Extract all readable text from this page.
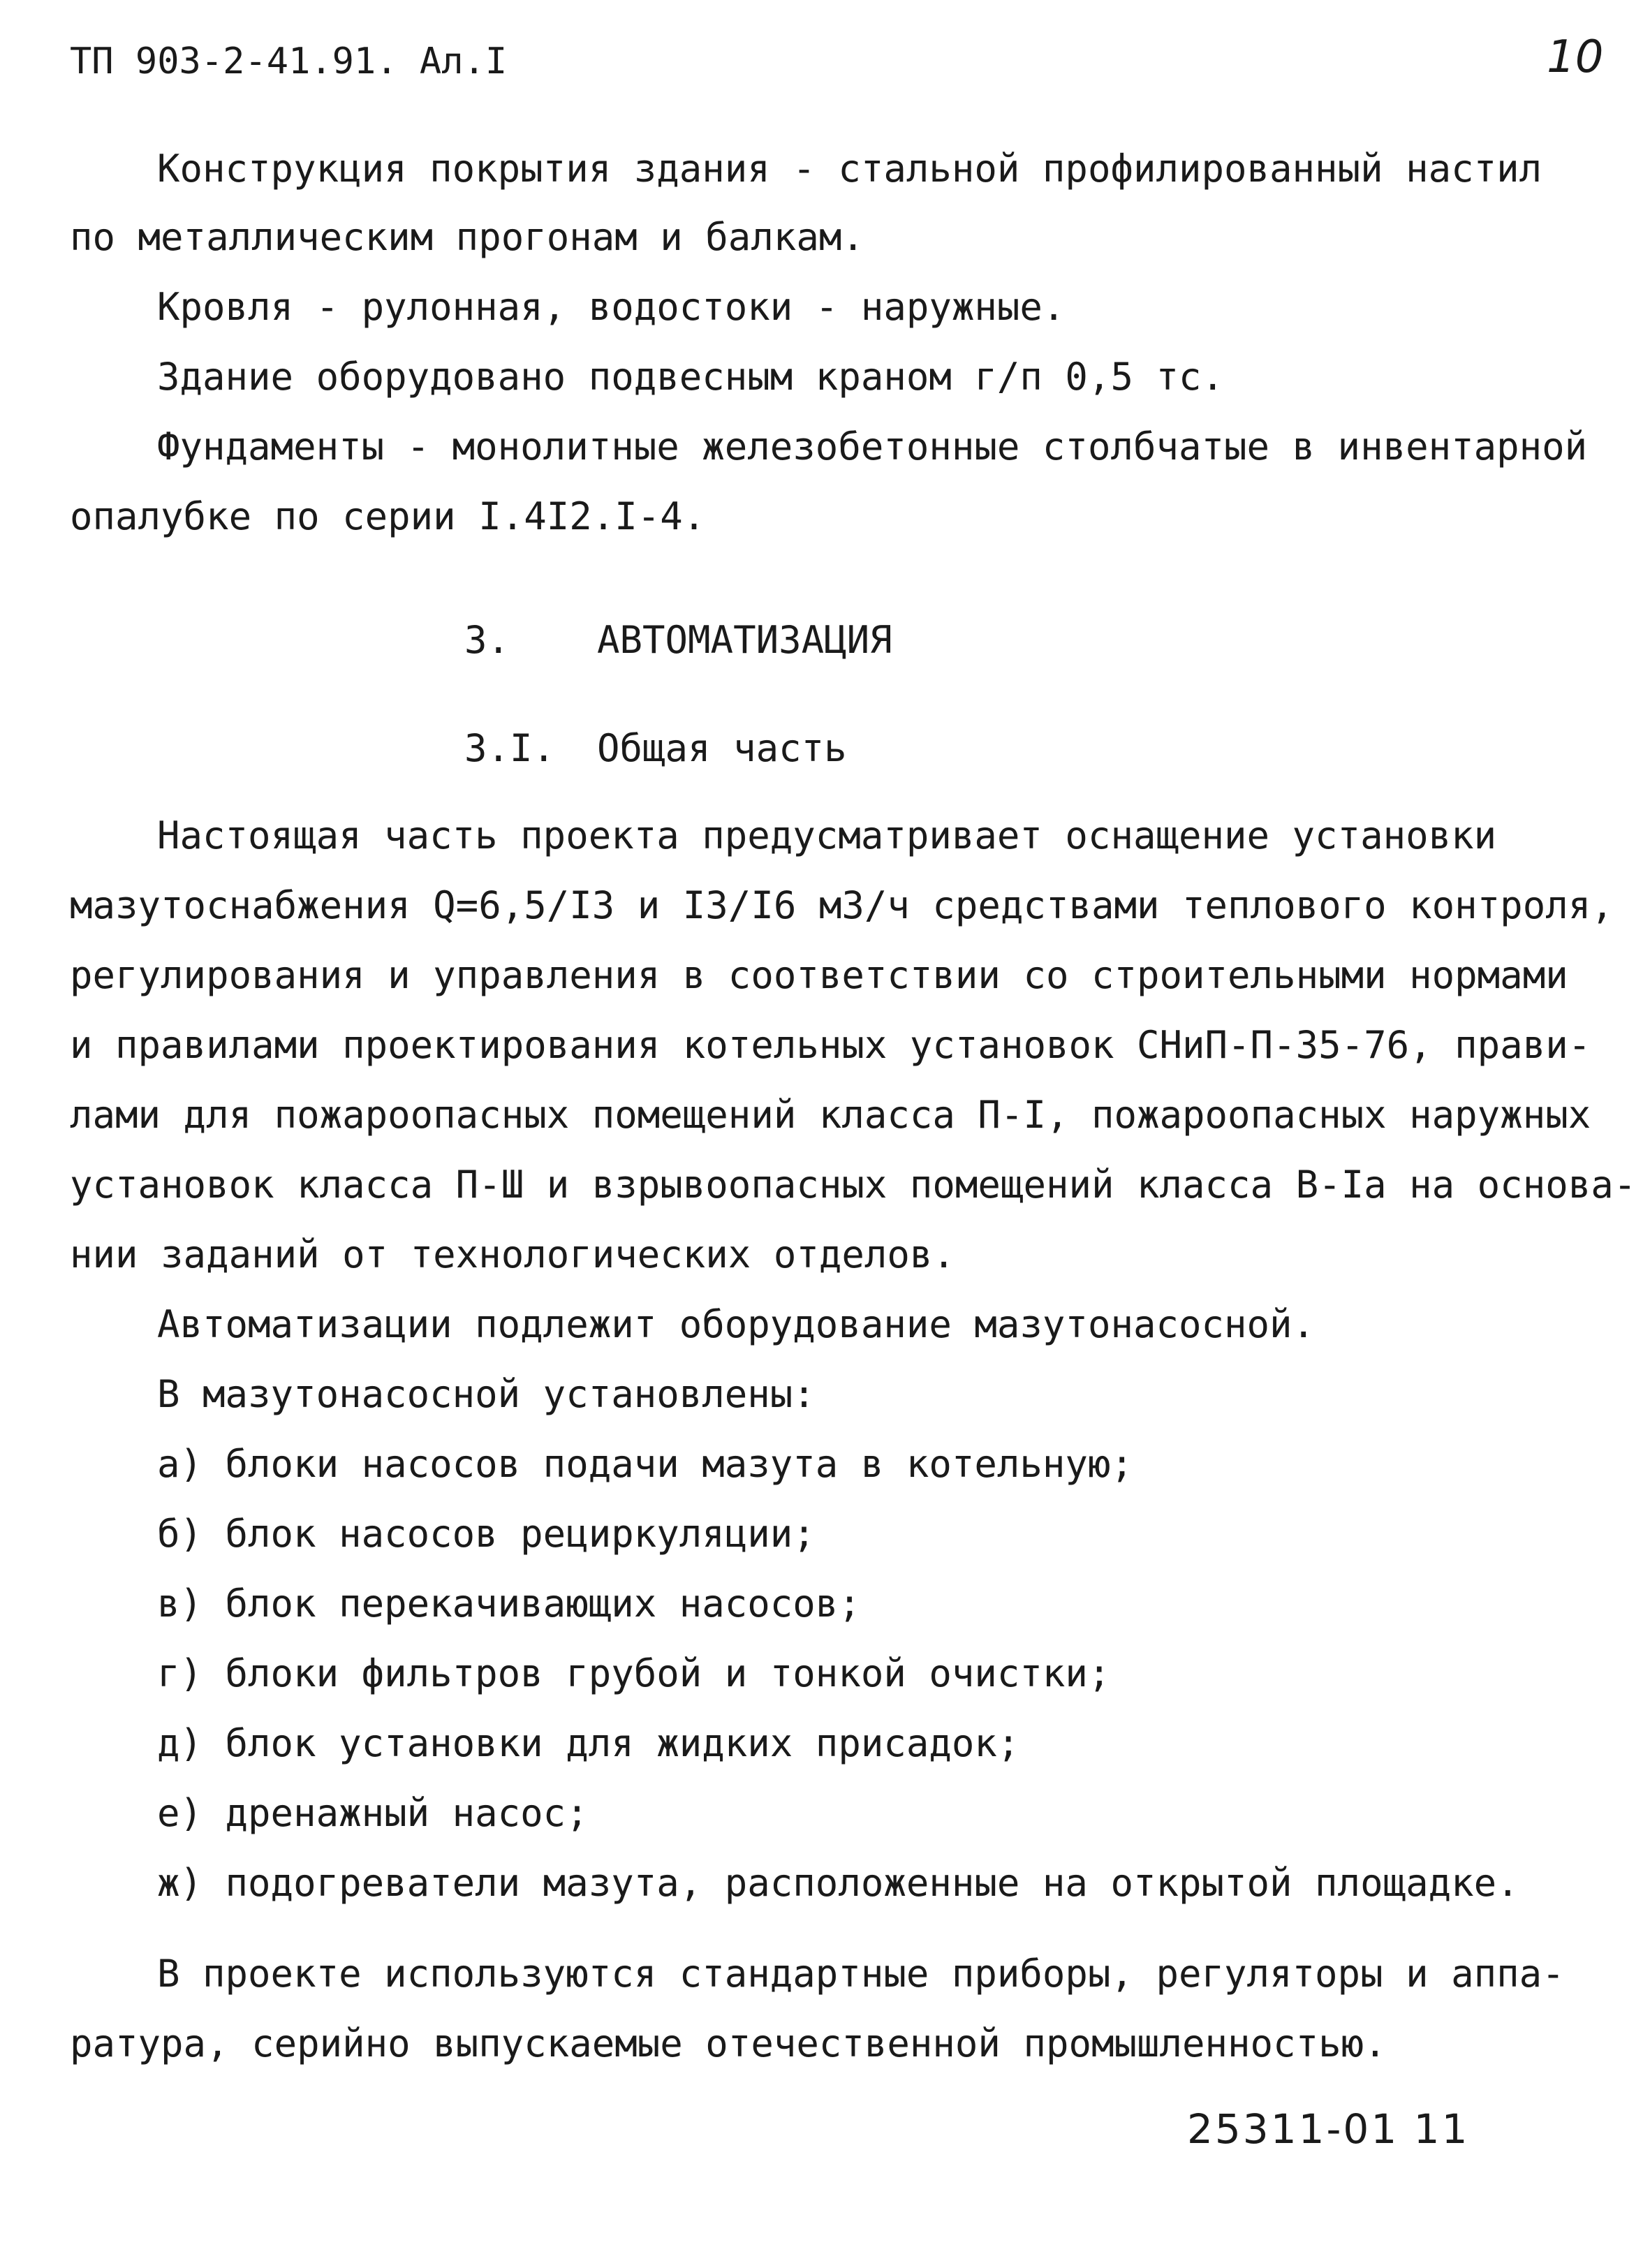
ТП 903-2-41.91. Ал.I	10
Конструкция покрытия здания - стальной профилированный настил
по металлическим прогонам и балкам.
Кровля - рулонная, водостоки - наружные.
Здание оборудовано подвесным краном г/п 0,5 тс.
Фундаменты - монолитные железобетонные столбчатые в инвентарной
опалубке по серии I.4I2.I-4.
3. АВТОМАТИЗАЦИЯ
3.I. Общая часть
Настоящая часть проекта предусматривает оснащение установки
мазутоснабжения Q=6,5/I3 и I3/I6 м3/ч средствами теплового контроля,
регулирования и управления в соответствии со строительными нормами
и правилами проектирования котельных установок СНиП-П-35-76, прави-
лами для пожароопасных помещений класса П-I, пожароопасных наружных
установок класса П-Ш и взрывоопасных помещений класса В-Iа на основа-
нии заданий от технологических отделов.
Автоматизации подлежит оборудование мазутонасосной.
В мазутонасосной установлены:
а) блоки насосов подачи мазута в котельную;
б) блок насосов рециркуляции;
в) блок перекачивающих насосов;
г) блоки фильтров грубой и тонкой очистки;
д) блок установки для жидких присадок;
е) дренажный насос;
ж) подогреватели мазута, расположенные на открытой площадке.
В проекте используются стандартные приборы, регуляторы и аппа-
ратура, серийно выпускаемые отечественной промышленностью.
25311-01 11
